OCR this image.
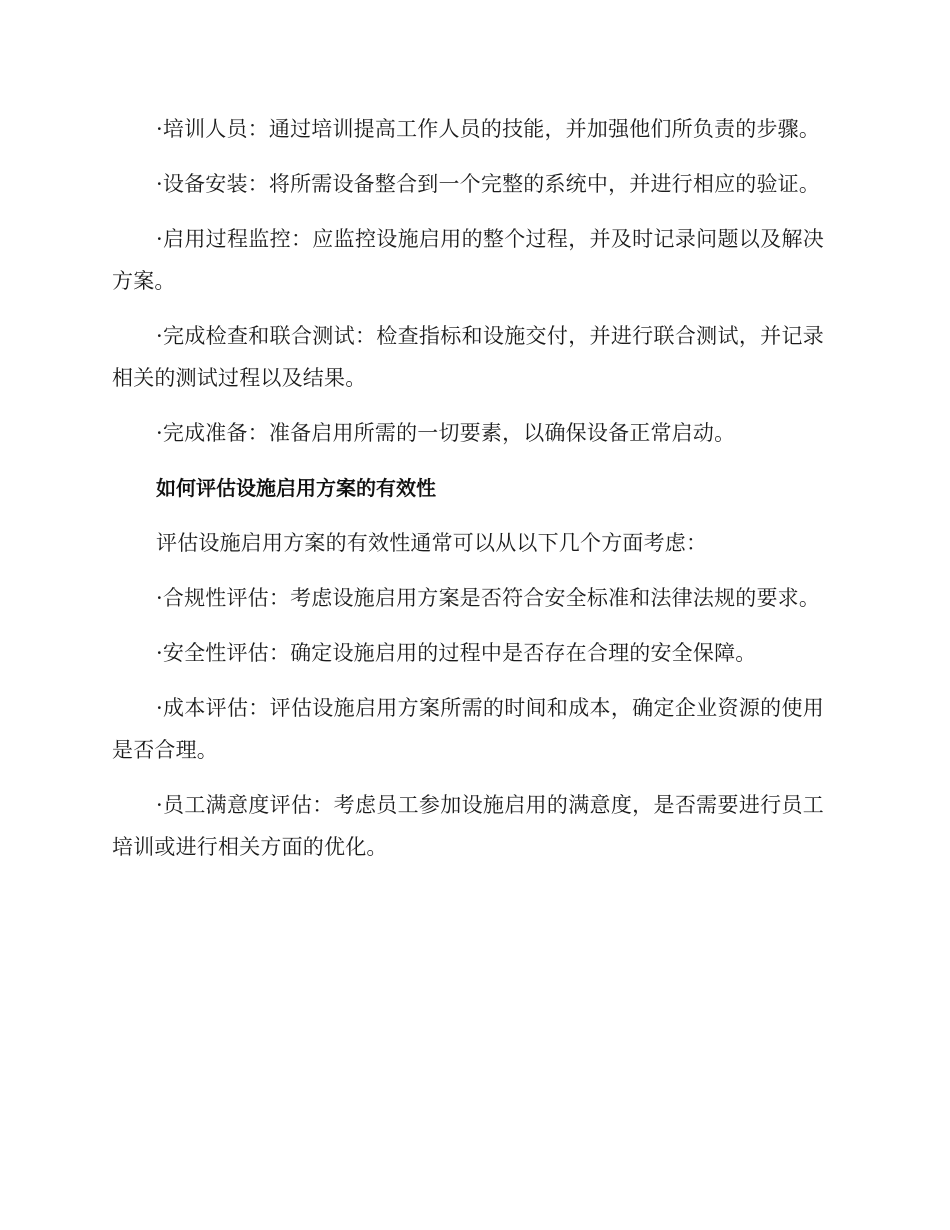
·培训人员：通过培训提高工作人员的技能，并加强他们所负责的步骤。

·设备安装：将所需设备整合到一个完整的系统中，并进行相应的验证。

·启用过程监控：应监控设施启用的整个过程，并及时记录问题以及解决方案。

·完成检查和联合测试：检查指标和设施交付，并进行联合测试，并记录相关的测试过程以及结果。

·完成准备：准备启用所需的一切要素，以确保设备正常启动。

如何评估设施启用方案的有效性

评估设施启用方案的有效性通常可以从以下几个方面考虑：

·合规性评估：考虑设施启用方案是否符合安全标准和法律法规的要求。

·安全性评估：确定设施启用的过程中是否存在合理的安全保障。

·成本评估：评估设施启用方案所需的时间和成本，确定企业资源的使用是否合理。

·员工满意度评估：考虑员工参加设施启用的满意度，是否需要进行员工培训或进行相关方面的优化。
